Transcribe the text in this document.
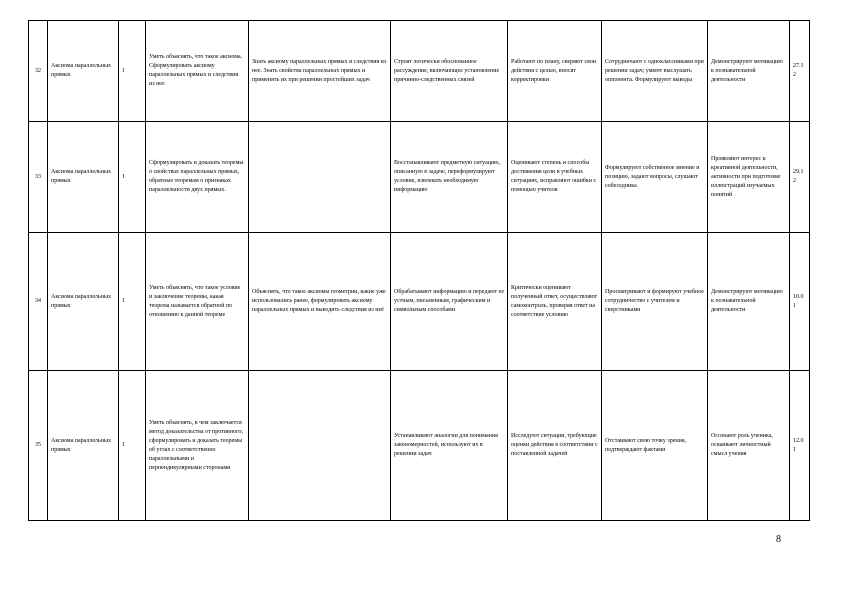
32	Аксиома параллельных прямых	1	Уметь объяснять, что такое аксиома. Сформулировать аксиому параллельных прямых и следствия из нее	Знать аксиому параллельных прямых и следствия из нее. Знать свойства параллельных прямых и применять их при решении простейших задач	Строят логически обоснованное рассуждение, включающее установление причинно-следственных связей	Работают по плану, сверяют свои действия с целью, вносят корректировки	Сотрудничают с одноклассниками при решении задач; умеют выслушать оппонента. Формулируют выводы	Демонстрируют мотивацию к познавательной деятельности	27.12	
33	Аксиома параллельных прямых	1	Сформулировать и доказать теоремы о свойствах параллельных прямых, обратные теоремам о признаках параллельности двух прямых.		Восстанавливают предметную ситуацию, описанную в задаче, переформулируют условие, извлекать необходимую информацию	Оценивают степень и способы достижения цели в учебных ситуациях, исправляют ошибки с помощью учителя	Формулируют собственное мнение и позицию, задают вопросы, слушают собеседника	Проявляют интерес к креативной деятельности, активности при подготовке иллюстраций изучаемых понятий	29.12	
34	Аксиома параллельных прямых	1	Уметь объяснять, что такое условие и заключение теоремы, какая теорема называется обратной по отношению к данной теореме	Объяснять, что такое аксиомы геометрии, какие уже использовались ранее, формулировать аксиому параллельных прямых и выводить следствия из неё	Обрабатывают информацию и передают ее устным, письменным, графическим и символьным способами	Критически оценивают полученный ответ, осуществляют самоконтроль, проверяя ответ на соответствие условию	Просматривают и формируют учебное сотрудничество с учителем и сверстниками	Демонстрируют мотивацию к познавательной деятельности	10.01	
35	Аксиома параллельных прямых	1	Уметь объяснять, в чем заключается метод доказательства от противного; сформулировать и доказать теоремы об углах с соответственно параллельными и перпендикулярными сторонами		Устанавливают аналогии для понимания закономерностей, используют их в решении задач	Исследуют ситуации, требующие оценки действия в соответствии с поставленной задачей	Отстаивают свою точку зрения, подтверждают фактами	Осознают роль ученика, осваивают личностный смысл учения	12.01	
8
